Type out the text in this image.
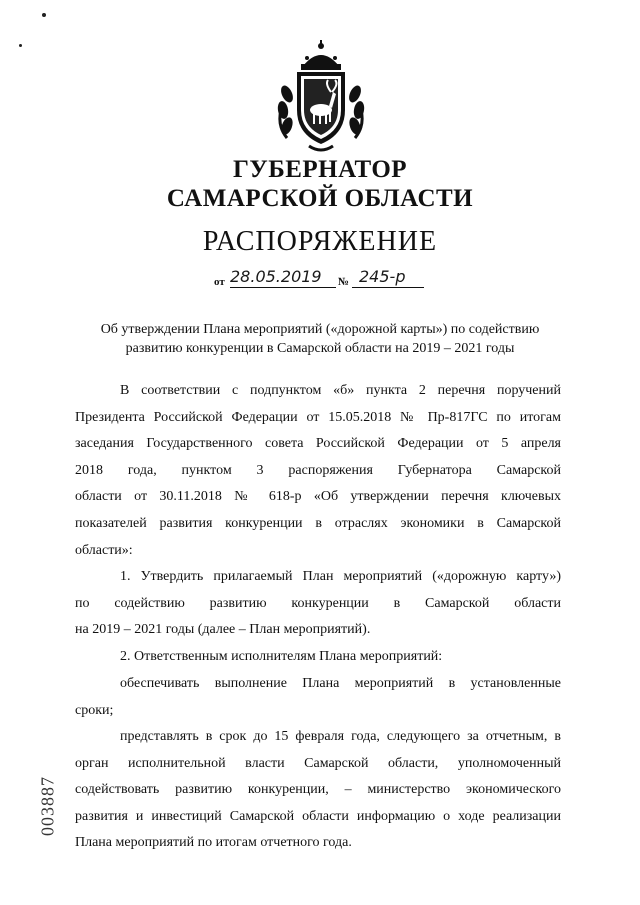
ГУБЕРНАТОР
САМАРСКОЙ ОБЛАСТИ
РАСПОРЯЖЕНИЕ
от 28.05.2019 № 245-р
Об утверждении Плана мероприятий («дорожной карты») по содействию
развитию конкуренции в Самарской области на 2019 – 2021 годы
В соответствии с подпунктом «б» пункта 2 перечня поручений
Президента Российской Федерации от 15.05.2018 № Пр-817ГС по итогам
заседания Государственного совета Российской Федерации от 5 апреля
2018 года, пунктом 3 распоряжения Губернатора Самарской
области от 30.11.2018 № 618-р «Об утверждении перечня ключевых
показателей развития конкуренции в отраслях экономики в Самарской
области»:
1. Утвердить прилагаемый План мероприятий («дорожную карту»)
по содействию развитию конкуренции в Самарской области
на 2019 – 2021 годы (далее – План мероприятий).
2. Ответственным исполнителям Плана мероприятий:
обеспечивать выполнение Плана мероприятий в установленные
сроки;
представлять в срок до 15 февраля года, следующего за отчетным, в
орган исполнительной власти Самарской области, уполномоченный
содействовать развитию конкуренции, – министерство экономического
развития и инвестиций Самарской области информацию о ходе реализации
Плана мероприятий по итогам отчетного года.
003887
